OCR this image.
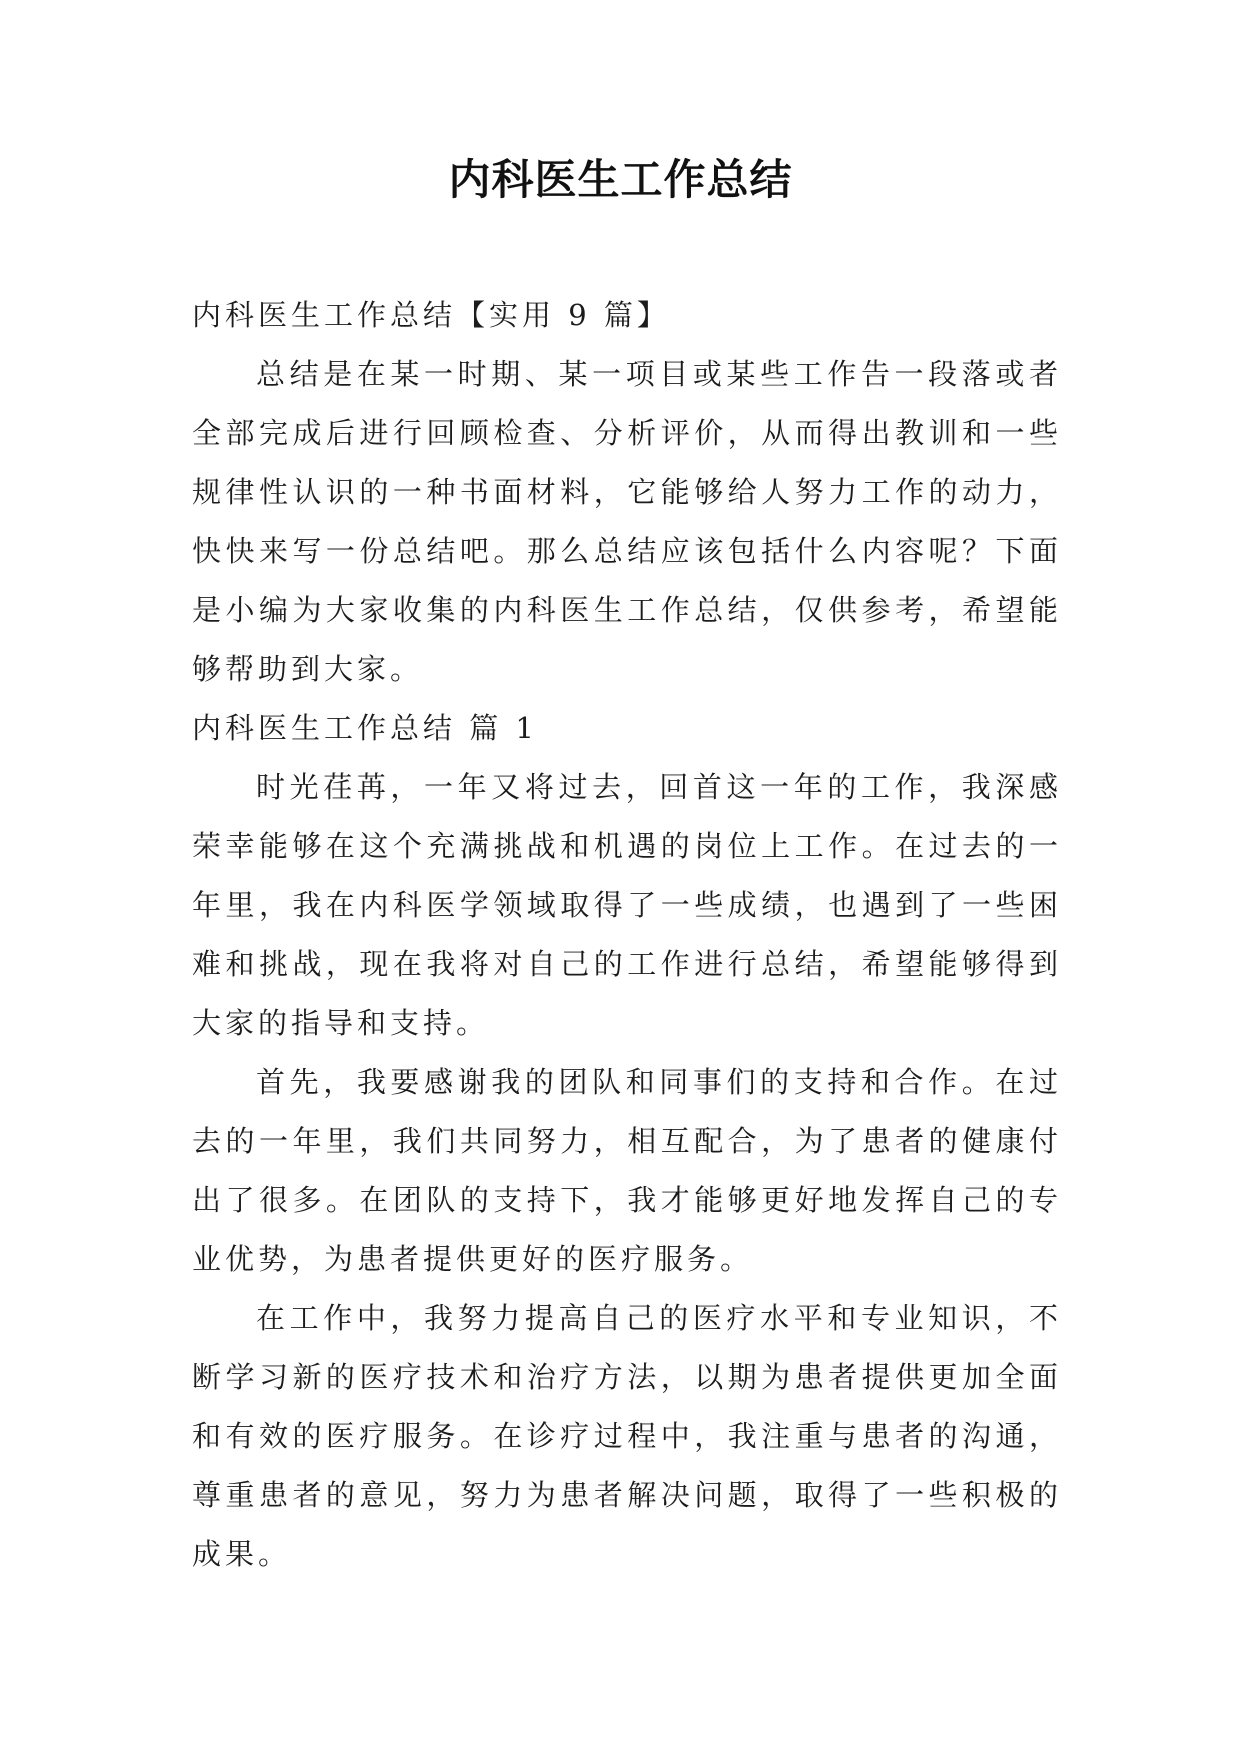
内科医生工作总结

内科医生工作总结【实用 9 篇】

总结是在某一时期、某一项目或某些工作告一段落或者全部完成后进行回顾检查、分析评价，从而得出教训和一些规律性认识的一种书面材料，它能够给人努力工作的动力，快快来写一份总结吧。那么总结应该包括什么内容呢？下面是小编为大家收集的内科医生工作总结，仅供参考，希望能够帮助到大家。

内科医生工作总结 篇 1

时光荏苒，一年又将过去，回首这一年的工作，我深感荣幸能够在这个充满挑战和机遇的岗位上工作。在过去的一年里，我在内科医学领域取得了一些成绩，也遇到了一些困难和挑战，现在我将对自己的工作进行总结，希望能够得到大家的指导和支持。

首先，我要感谢我的团队和同事们的支持和合作。在过去的一年里，我们共同努力，相互配合，为了患者的健康付出了很多。在团队的支持下，我才能够更好地发挥自己的专业优势，为患者提供更好的医疗服务。

在工作中，我努力提高自己的医疗水平和专业知识，不断学习新的医疗技术和治疗方法，以期为患者提供更加全面和有效的医疗服务。在诊疗过程中，我注重与患者的沟通，尊重患者的意见，努力为患者解决问题，取得了一些积极的成果。
